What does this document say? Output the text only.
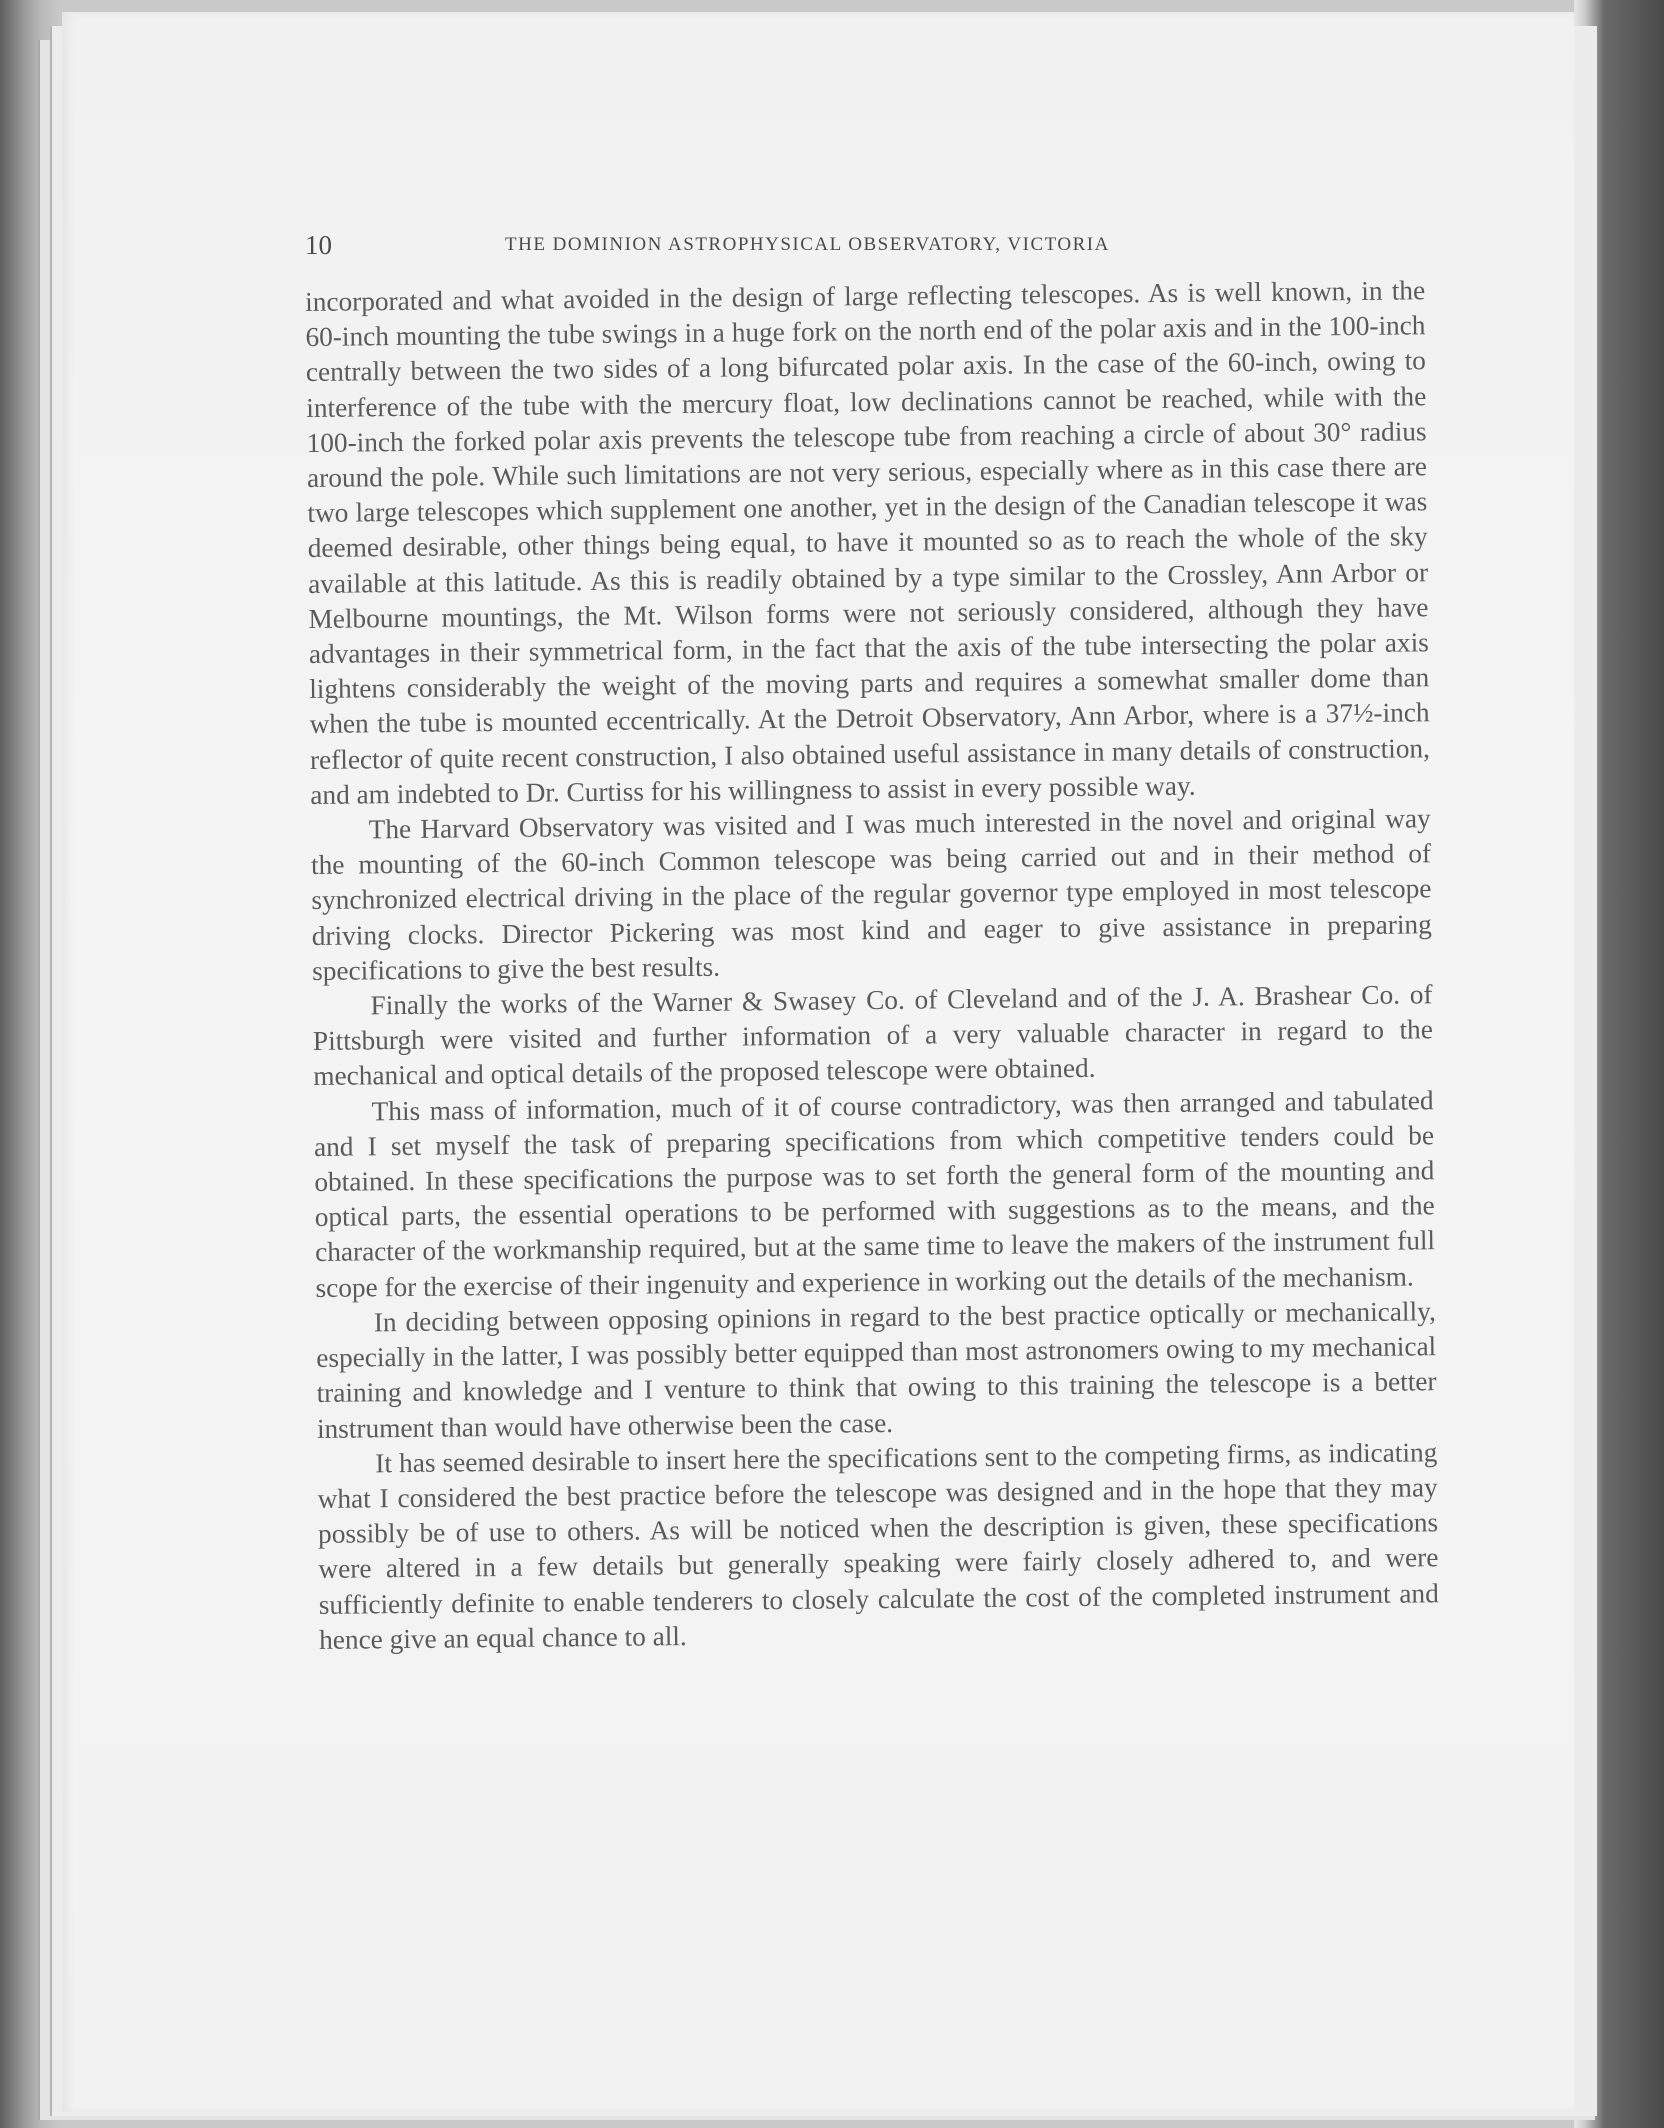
10	THE DOMINION ASTROPHYSICAL OBSERVATORY, VICTORIA

incorporated and what avoided in the design of large reflecting telescopes. As is well known, in the 60-inch mounting the tube swings in a huge fork on the north end of the polar axis and in the 100-inch centrally between the two sides of a long bifurcated polar axis. In the case of the 60-inch, owing to interference of the tube with the mercury float, low declinations cannot be reached, while with the 100-inch the forked polar axis prevents the telescope tube from reaching a circle of about 30° radius around the pole. While such limitations are not very serious, especially where as in this case there are two large telescopes which supplement one another, yet in the design of the Canadian telescope it was deemed desirable, other things being equal, to have it mounted so as to reach the whole of the sky available at this latitude. As this is readily obtained by a type similar to the Crossley, Ann Arbor or Melbourne mountings, the Mt. Wilson forms were not seriously considered, although they have advantages in their symmetrical form, in the fact that the axis of the tube intersecting the polar axis lightens considerably the weight of the moving parts and requires a somewhat smaller dome than when the tube is mounted eccentrically. At the Detroit Observatory, Ann Arbor, where is a 37½-inch reflector of quite recent construction, I also obtained useful assistance in many details of construction, and am indebted to Dr. Curtiss for his willingness to assist in every possible way.

The Harvard Observatory was visited and I was much interested in the novel and original way the mounting of the 60-inch Common telescope was being carried out and in their method of synchronized electrical driving in the place of the regular governor type employed in most telescope driving clocks. Director Pickering was most kind and eager to give assistance in preparing specifications to give the best results.

Finally the works of the Warner & Swasey Co. of Cleveland and of the J. A. Brashear Co. of Pittsburgh were visited and further information of a very valuable character in regard to the mechanical and optical details of the proposed telescope were obtained.

This mass of information, much of it of course contradictory, was then arranged and tabulated and I set myself the task of preparing specifications from which competitive tenders could be obtained. In these specifications the purpose was to set forth the general form of the mounting and optical parts, the essential operations to be performed with suggestions as to the means, and the character of the workmanship required, but at the same time to leave the makers of the instrument full scope for the exercise of their ingenuity and experience in working out the details of the mechanism.

In deciding between opposing opinions in regard to the best practice optically or mechanically, especially in the latter, I was possibly better equipped than most astronomers owing to my mechanical training and knowledge and I venture to think that owing to this training the telescope is a better instrument than would have otherwise been the case.

It has seemed desirable to insert here the specifications sent to the competing firms, as indicating what I considered the best practice before the telescope was designed and in the hope that they may possibly be of use to others. As will be noticed when the description is given, these specifications were altered in a few details but generally speaking were fairly closely adhered to, and were sufficiently definite to enable tenderers to closely calculate the cost of the completed instrument and hence give an equal chance to all.
